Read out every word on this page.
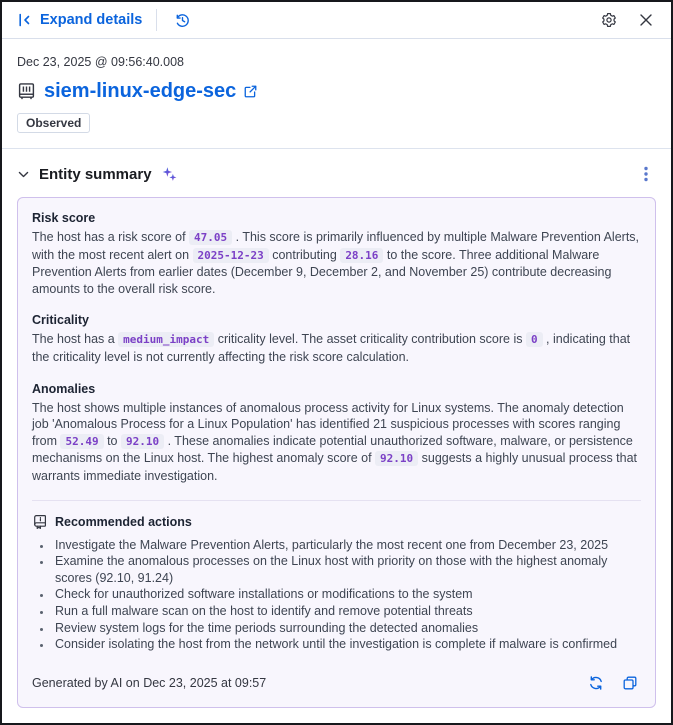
Expand details
Dec 23, 2025 @ 09:56:40.008
siem-linux-edge-sec
Observed
Entity summary
Risk score

The host has a risk score of 47.05 . This score is primarily influenced by multiple Malware Prevention Alerts, with the most recent alert on 2025-12-23 contributing 28.16 to the score. Three additional Malware Prevention Alerts from earlier dates (December 9, December 2, and November 25) contribute decreasing amounts to the overall risk score.

Criticality

The host has a medium_impact criticality level. The asset criticality contribution score is 0 , indicating that the criticality level is not currently affecting the risk score calculation.

Anomalies

The host shows multiple instances of anomalous process activity for Linux systems. The anomaly detection job 'Anomalous Process for a Linux Population' has identified 21 suspicious processes with scores ranging from 52.49 to 92.10 . These anomalies indicate potential unauthorized software, malware, or persistence mechanisms on the Linux host. The highest anomaly score of 92.10 suggests a highly unusual process that warrants immediate investigation.

Recommended actions
• Investigate the Malware Prevention Alerts, particularly the most recent one from December 23, 2025
• Examine the anomalous processes on the Linux host with priority on those with the highest anomaly scores (92.10, 91.24)
• Check for unauthorized software installations or modifications to the system
• Run a full malware scan on the host to identify and remove potential threats
• Review system logs for the time periods surrounding the detected anomalies
• Consider isolating the host from the network until the investigation is complete if malware is confirmed
Generated by AI on Dec 23, 2025 at 09:57
